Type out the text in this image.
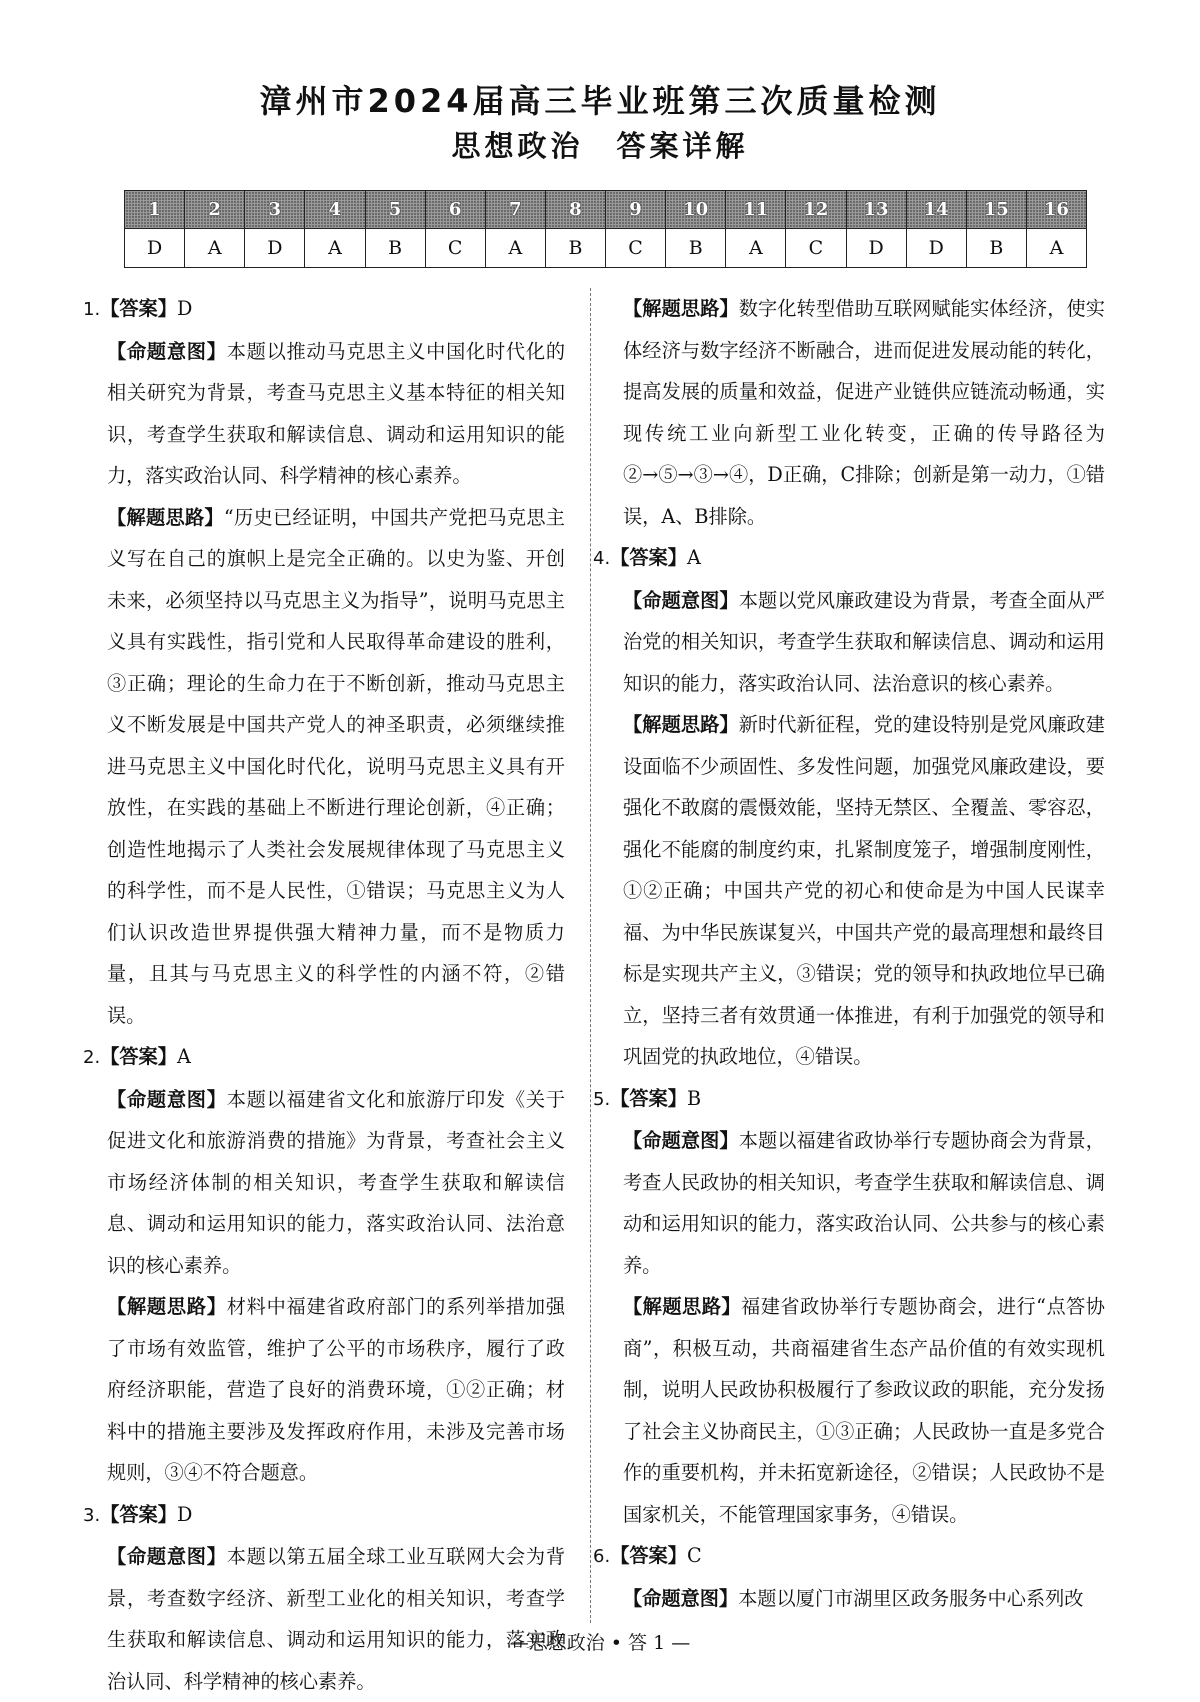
漳州市2024届高三毕业班第三次质量检测
思想政治　答案详解
1	2	3	4	5	6	7	8	9	10	11	12	13	14	15	16
D	A	D	A	B	C	A	B	C	B	A	C	D	D	B	A

1.【答案】D

【命题意图】本题以推动马克思主义中国化时代化的相关研究为背景，考查马克思主义基本特征的相关知识，考查学生获取和解读信息、调动和运用知识的能力，落实政治认同、科学精神的核心素养。

【解题思路】“历史已经证明，中国共产党把马克思主义写在自己的旗帜上是完全正确的。以史为鉴、开创未来，必须坚持以马克思主义为指导”，说明马克思主义具有实践性，指引党和人民取得革命建设的胜利，③正确；理论的生命力在于不断创新，推动马克思主义不断发展是中国共产党人的神圣职责，必须继续推进马克思主义中国化时代化，说明马克思主义具有开放性，在实践的基础上不断进行理论创新，④正确；创造性地揭示了人类社会发展规律体现了马克思主义的科学性，而不是人民性，①错误；马克思主义为人们认识改造世界提供强大精神力量，而不是物质力量，且其与马克思主义的科学性的内涵不符，②错误。

2.【答案】A

【命题意图】本题以福建省文化和旅游厅印发《关于促进文化和旅游消费的措施》为背景，考查社会主义市场经济体制的相关知识，考查学生获取和解读信息、调动和运用知识的能力，落实政治认同、法治意识的核心素养。

【解题思路】材料中福建省政府部门的系列举措加强了市场有效监管，维护了公平的市场秩序，履行了政府经济职能，营造了良好的消费环境，①②正确；材料中的措施主要涉及发挥政府作用，未涉及完善市场规则，③④不符合题意。

3.【答案】D

【命题意图】本题以第五届全球工业互联网大会为背景，考查数字经济、新型工业化的相关知识，考查学生获取和解读信息、调动和运用知识的能力，落实政治认同、科学精神的核心素养。

【解题思路】数字化转型借助互联网赋能实体经济，使实体经济与数字经济不断融合，进而促进发展动能的转化，提高发展的质量和效益，促进产业链供应链流动畅通，实现传统工业向新型工业化转变，正确的传导路径为②→⑤→③→④，D正确，C排除；创新是第一动力，①错误，A、B排除。

4.【答案】A

【命题意图】本题以党风廉政建设为背景，考查全面从严治党的相关知识，考查学生获取和解读信息、调动和运用知识的能力，落实政治认同、法治意识的核心素养。

【解题思路】新时代新征程，党的建设特别是党风廉政建设面临不少顽固性、多发性问题，加强党风廉政建设，要强化不敢腐的震慑效能，坚持无禁区、全覆盖、零容忍，强化不能腐的制度约束，扎紧制度笼子，增强制度刚性，①②正确；中国共产党的初心和使命是为中国人民谋幸福、为中华民族谋复兴，中国共产党的最高理想和最终目标是实现共产主义，③错误；党的领导和执政地位早已确立，坚持三者有效贯通一体推进，有利于加强党的领导和巩固党的执政地位，④错误。

5.【答案】B

【命题意图】本题以福建省政协举行专题协商会为背景，考查人民政协的相关知识，考查学生获取和解读信息、调动和运用知识的能力，落实政治认同、公共参与的核心素养。

【解题思路】福建省政协举行专题协商会，进行“点答协商”，积极互动，共商福建省生态产品价值的有效实现机制，说明人民政协积极履行了参政议政的职能，充分发扬了社会主义协商民主，①③正确；人民政协一直是多党合作的重要机构，并未拓宽新途径，②错误；人民政协不是国家机关，不能管理国家事务，④错误。

6.【答案】C

【命题意图】本题以厦门市湖里区政务服务中心系列改

—思想政治 • 答 1 —
